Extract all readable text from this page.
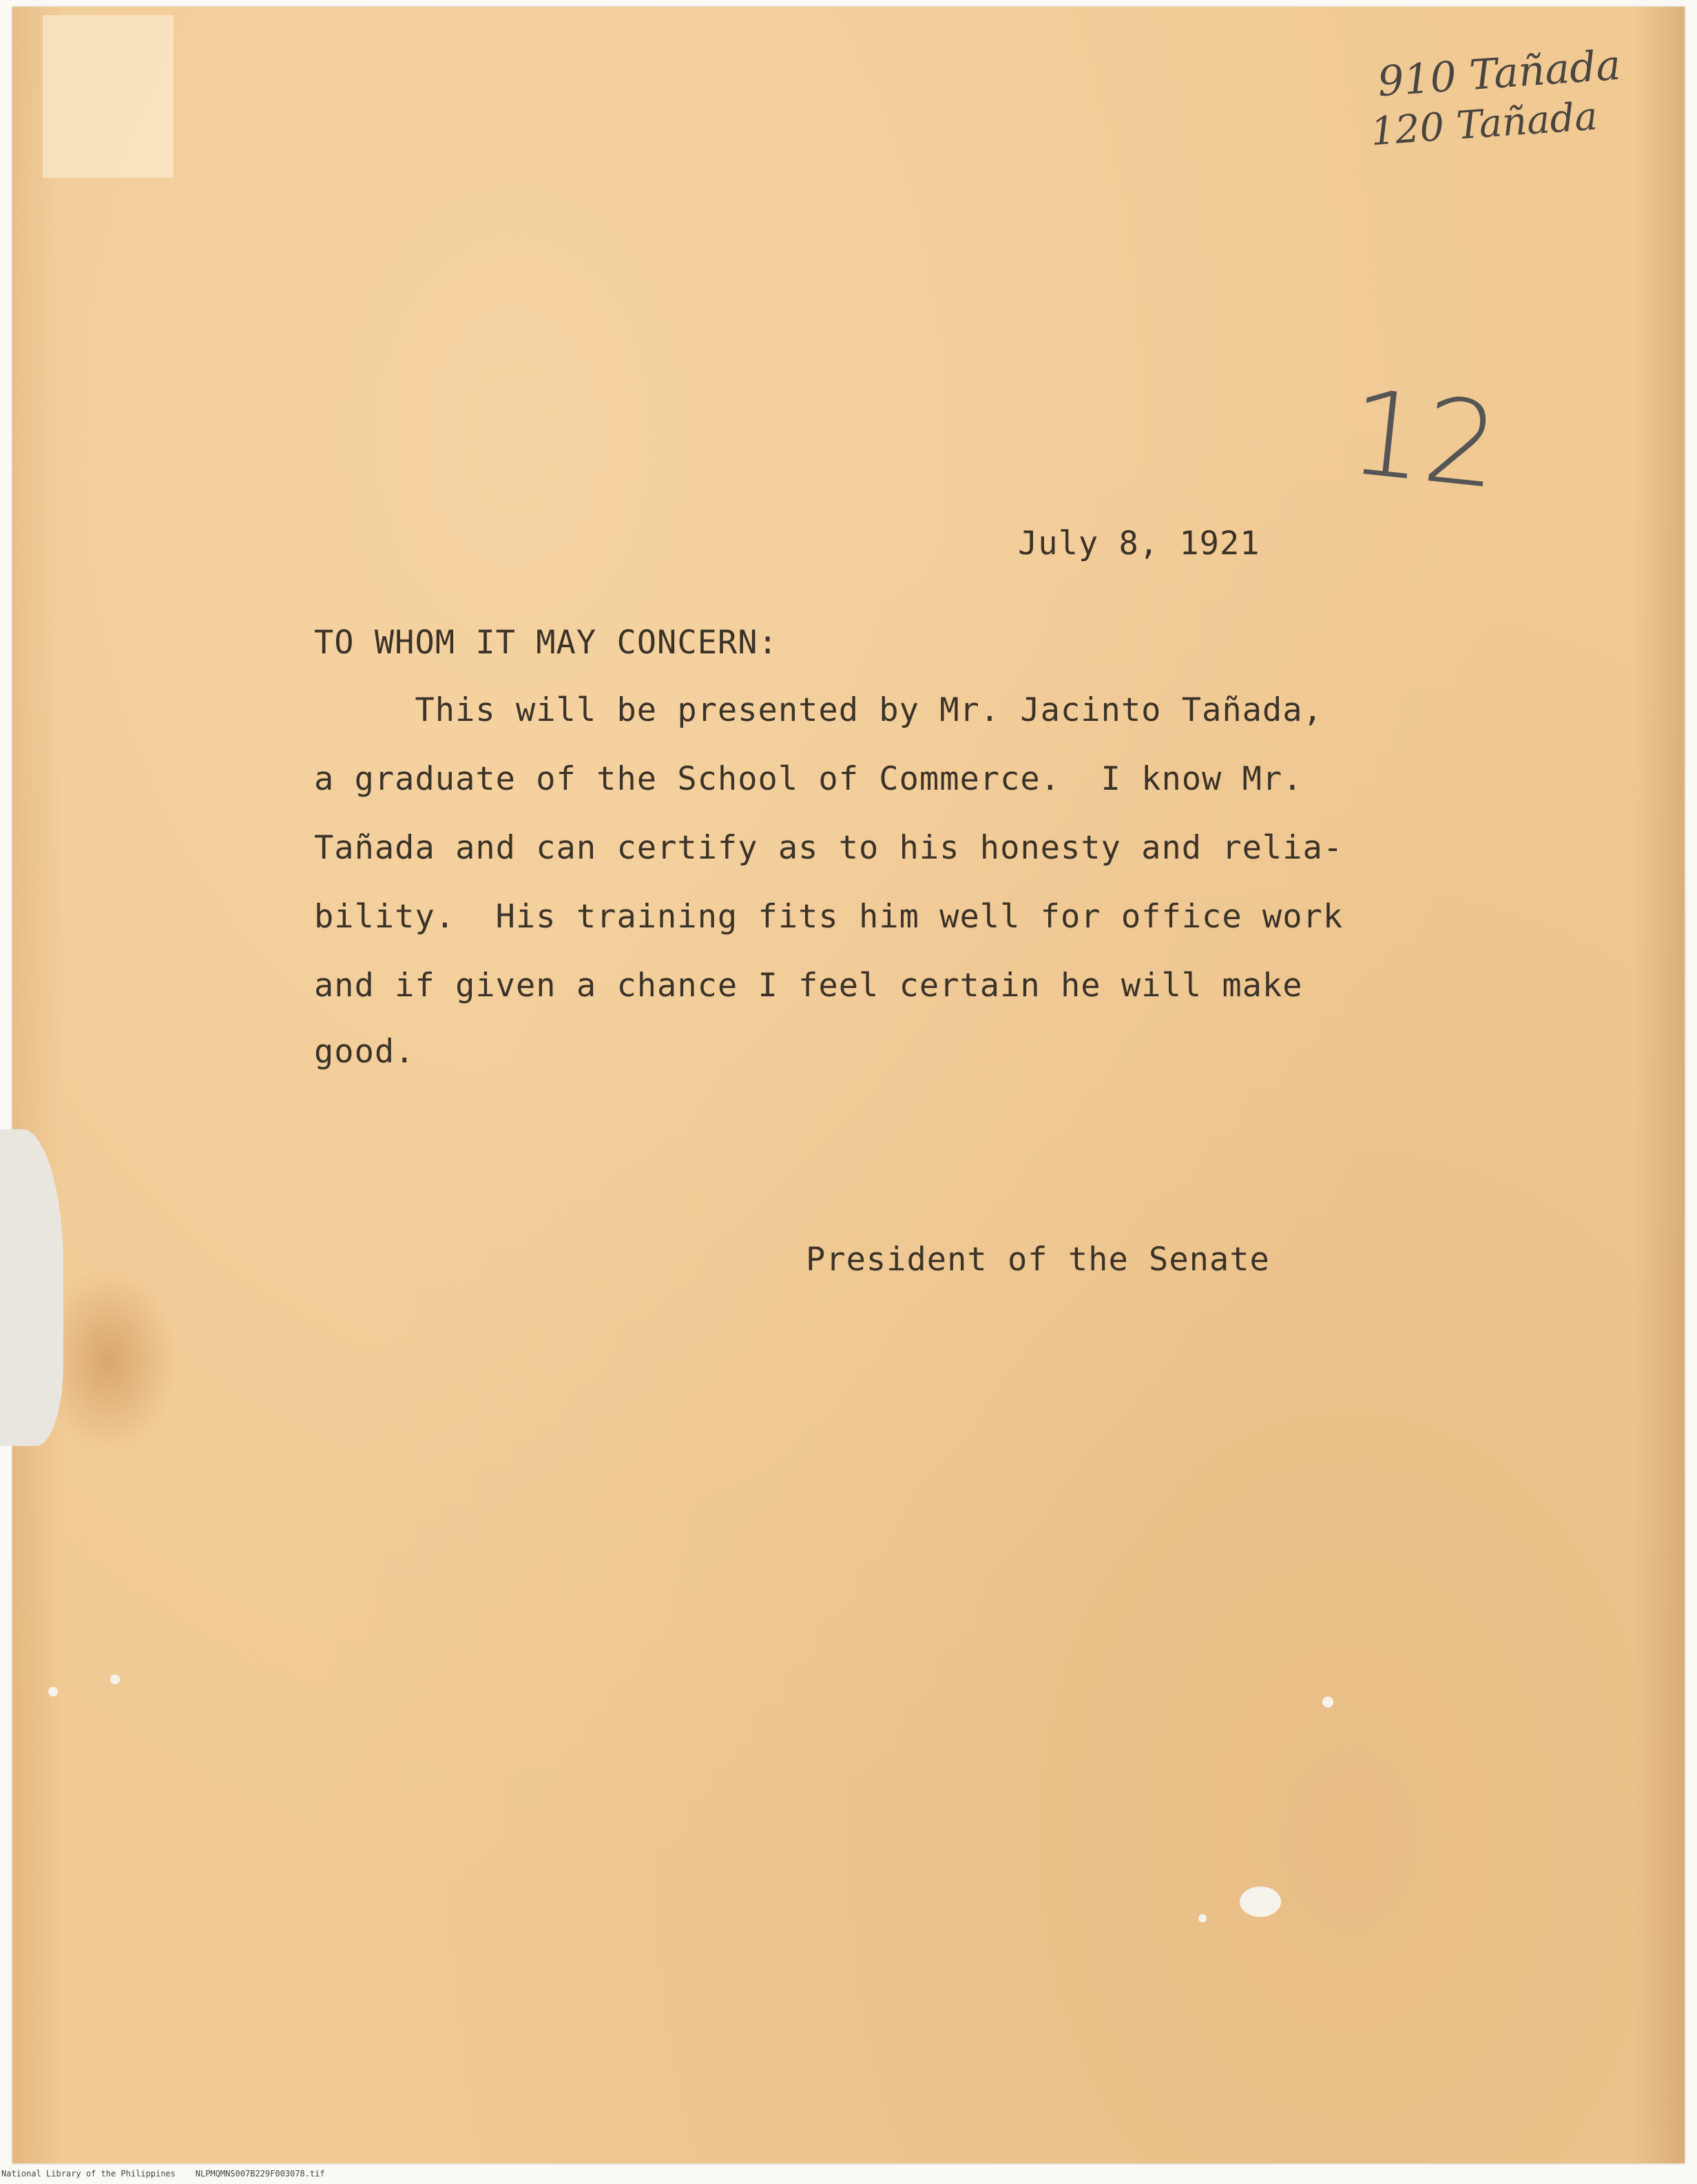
910 Tañada

120 Tañada

12

July 8, 1921

TO WHOM IT MAY CONCERN:

This will be presented by Mr. Jacinto Tañada,

a graduate of the School of Commerce.  I know Mr.

Tañada and can certify as to his honesty and relia-

bility.  His training fits him well for office work

and if given a chance I feel certain he will make

good.

President of the Senate

National Library of the Philippines    NLPMQMNS007B229F003078.tif
